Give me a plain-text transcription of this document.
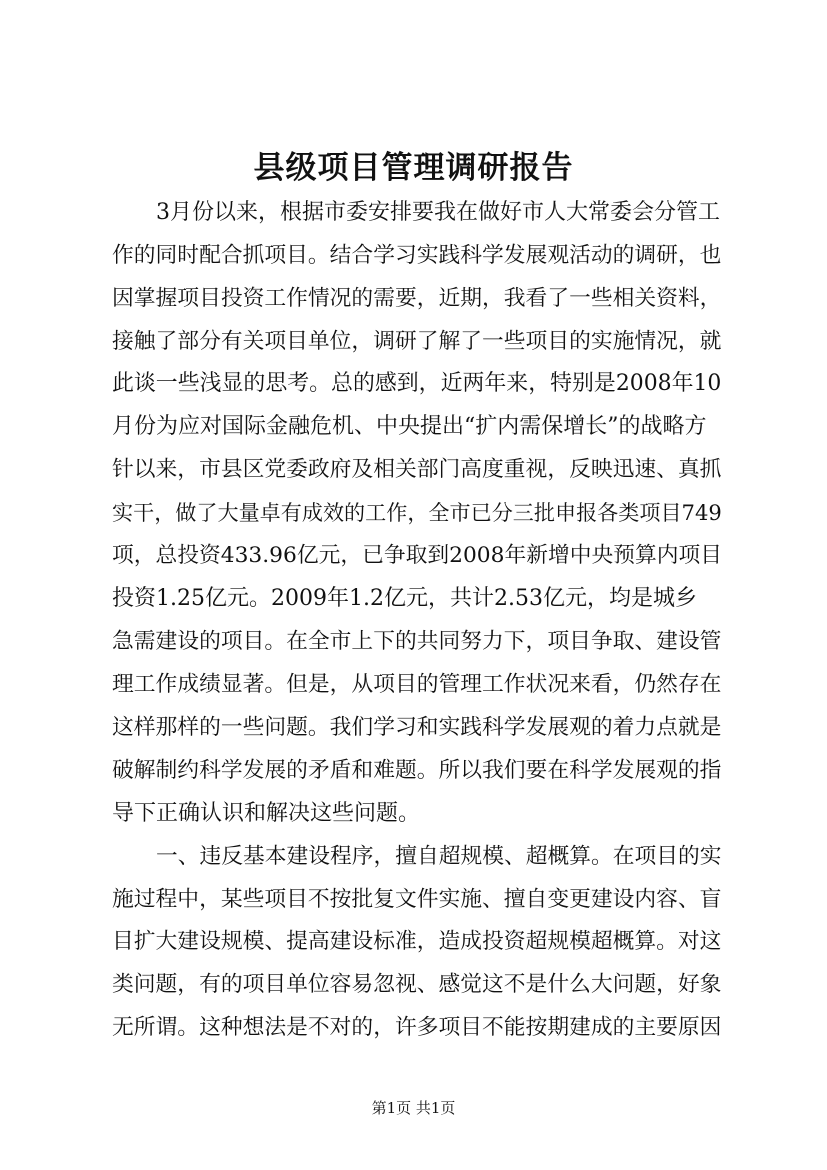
县级项目管理调研报告

3月份以来，根据市委安排要我在做好市人大常委会分管工

作的同时配合抓项目。结合学习实践科学发展观活动的调研，也

因掌握项目投资工作情况的需要，近期，我看了一些相关资料，

接触了部分有关项目单位，调研了解了一些项目的实施情况，就

此谈一些浅显的思考。总的感到，近两年来，特别是2008年10

月份为应对国际金融危机、中央提出“扩内需保增长”的战略方

针以来，市县区党委政府及相关部门高度重视，反映迅速、真抓

实干，做了大量卓有成效的工作，全市已分三批申报各类项目749

项，总投资433.96亿元，已争取到2008年新增中央预算内项目

投资1.25亿元。2009年1.2亿元，共计2.53亿元，均是城乡

急需建设的项目。在全市上下的共同努力下，项目争取、建设管

理工作成绩显著。但是，从项目的管理工作状况来看，仍然存在

这样那样的一些问题。我们学习和实践科学发展观的着力点就是

破解制约科学发展的矛盾和难题。所以我们要在科学发展观的指

导下正确认识和解决这些问题。

一、违反基本建设程序，擅自超规模、超概算。在项目的实

施过程中，某些项目不按批复文件实施、擅自变更建设内容、盲

目扩大建设规模、提高建设标准，造成投资超规模超概算。对这

类问题，有的项目单位容易忽视、感觉这不是什么大问题，好象

无所谓。这种想法是不对的，许多项目不能按期建成的主要原因

第1页 共1页
